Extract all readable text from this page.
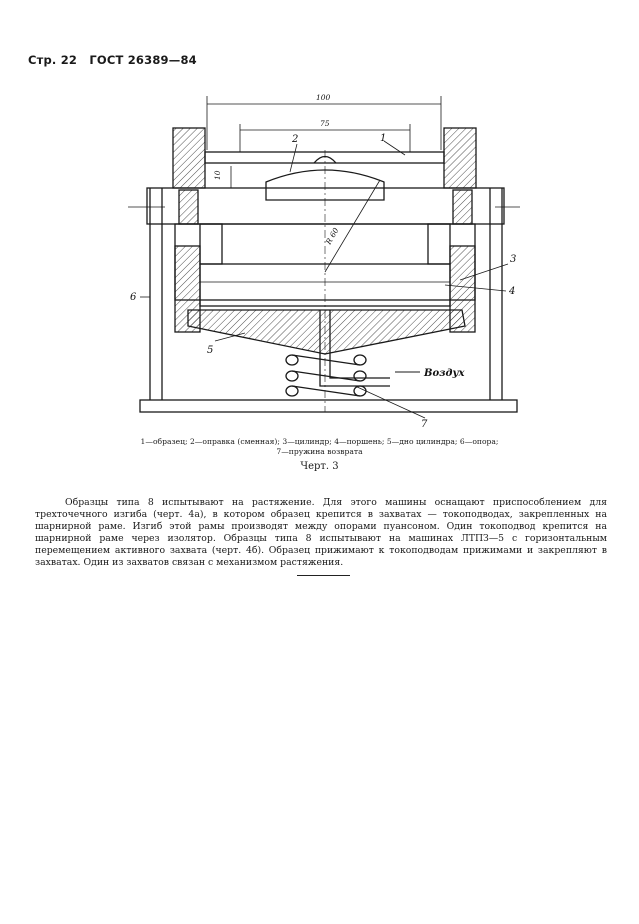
Стр. 22 ГОСТ 26389—84
100
75
10
R 60
1
2
3
4
5
6
7
Воздух
1—образец; 2—оправка (сменная); 3—цилиндр; 4—поршень; 5—дно цилиндра; 6—опора;
7—пружина возврата
Черт. 3
Образцы типа 8 испытывают на растяжение. Для этого машины оснащают приспособлением для трехточечного изгиба (черт. 4а), в котором образец крепится в захватах — токоподводах, закрепленных на шарнирной раме. Изгиб этой рамы производят между опорами пуансоном. Один токоподвод крепится на шарнирной раме через изолятор. Образцы типа 8 испытывают на машинах ЛТПЗ—5 с горизонтальным перемещением активного захвата (черт. 4б). Образец прижимают к токоподводам прижимами и закрепляют в захватах. Один из захватов связан с механизмом растяжения.
